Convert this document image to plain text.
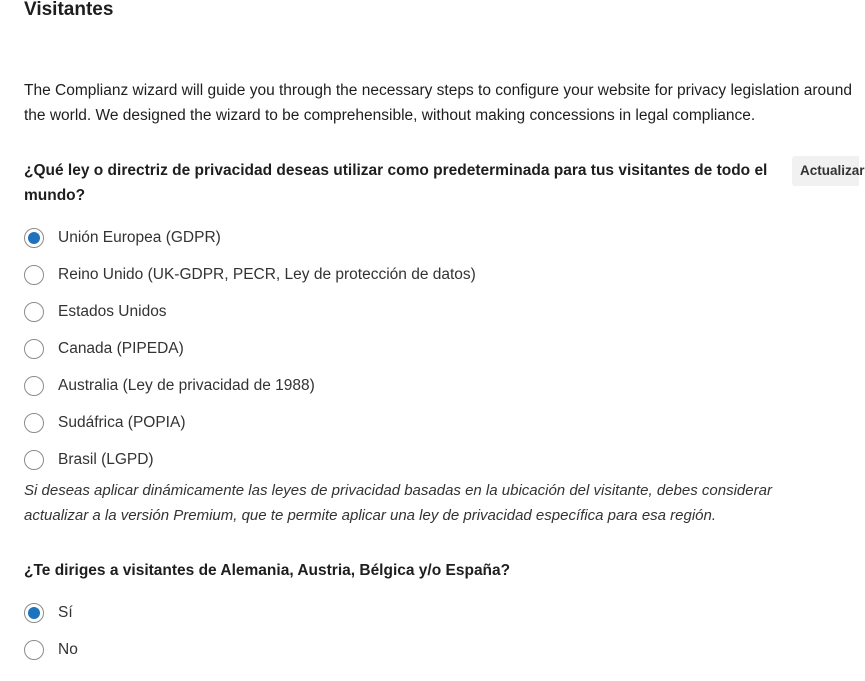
Visitantes

The Complianz wizard will guide you through the necessary steps to configure your website for privacy legislation around the world. We designed the wizard to be comprehensible, without making concessions in legal compliance.

¿Qué ley o directriz de privacidad deseas utilizar como predeterminada para tus visitantes de todo el mundo?

Actualizar
Unión Europea (GDPR)
Reino Unido (UK-GDPR, PECR, Ley de protección de datos)
Estados Unidos
Canada (PIPEDA)
Australia (Ley de privacidad de 1988)
Sudáfrica (POPIA)
Brasil (LGPD)

Si deseas aplicar dinámicamente las leyes de privacidad basadas en la ubicación del visitante, debes considerar actualizar a la versión Premium, que te permite aplicar una ley de privacidad específica para esa región.

¿Te diriges a visitantes de Alemania, Austria, Bélgica y/o España?

Sí
No
